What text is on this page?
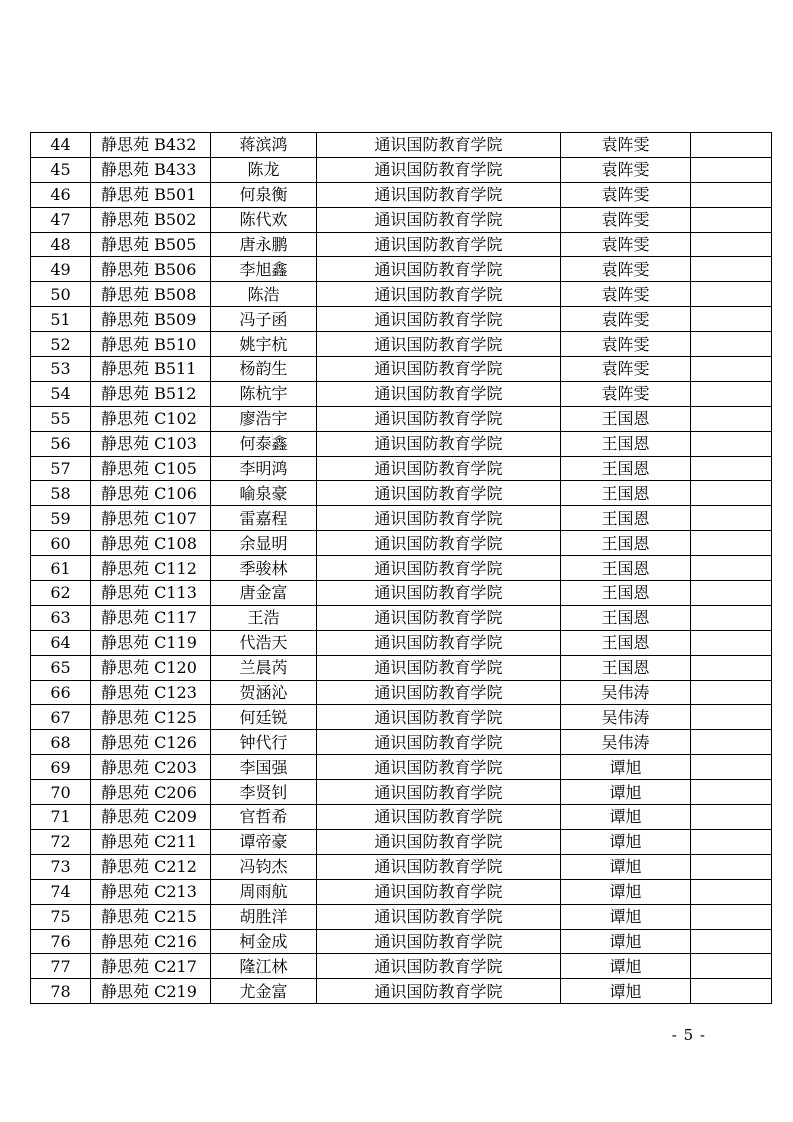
44	静思苑 B432	蒋滨鸿	通识国防教育学院	袁阵雯	
45	静思苑 B433	陈龙	通识国防教育学院	袁阵雯	
46	静思苑 B501	何泉衡	通识国防教育学院	袁阵雯	
47	静思苑 B502	陈代欢	通识国防教育学院	袁阵雯	
48	静思苑 B505	唐永鹏	通识国防教育学院	袁阵雯	
49	静思苑 B506	李旭鑫	通识国防教育学院	袁阵雯	
50	静思苑 B508	陈浩	通识国防教育学院	袁阵雯	
51	静思苑 B509	冯子函	通识国防教育学院	袁阵雯	
52	静思苑 B510	姚宇杭	通识国防教育学院	袁阵雯	
53	静思苑 B511	杨韵生	通识国防教育学院	袁阵雯	
54	静思苑 B512	陈杭宇	通识国防教育学院	袁阵雯	
55	静思苑 C102	廖浩宇	通识国防教育学院	王国恩	
56	静思苑 C103	何泰鑫	通识国防教育学院	王国恩	
57	静思苑 C105	李明鸿	通识国防教育学院	王国恩	
58	静思苑 C106	喻泉豪	通识国防教育学院	王国恩	
59	静思苑 C107	雷嘉程	通识国防教育学院	王国恩	
60	静思苑 C108	余显明	通识国防教育学院	王国恩	
61	静思苑 C112	季骏林	通识国防教育学院	王国恩	
62	静思苑 C113	唐金富	通识国防教育学院	王国恩	
63	静思苑 C117	王浩	通识国防教育学院	王国恩	
64	静思苑 C119	代浩天	通识国防教育学院	王国恩	
65	静思苑 C120	兰晨芮	通识国防教育学院	王国恩	
66	静思苑 C123	贺涵沁	通识国防教育学院	吴伟涛	
67	静思苑 C125	何廷锐	通识国防教育学院	吴伟涛	
68	静思苑 C126	钟代行	通识国防教育学院	吴伟涛	
69	静思苑 C203	李国强	通识国防教育学院	谭旭	
70	静思苑 C206	李贤钊	通识国防教育学院	谭旭	
71	静思苑 C209	官哲希	通识国防教育学院	谭旭	
72	静思苑 C211	谭帝豪	通识国防教育学院	谭旭	
73	静思苑 C212	冯钧杰	通识国防教育学院	谭旭	
74	静思苑 C213	周雨航	通识国防教育学院	谭旭	
75	静思苑 C215	胡胜洋	通识国防教育学院	谭旭	
76	静思苑 C216	柯金成	通识国防教育学院	谭旭	
77	静思苑 C217	隆江林	通识国防教育学院	谭旭	
78	静思苑 C219	尤金富	通识国防教育学院	谭旭	
- 5 -
